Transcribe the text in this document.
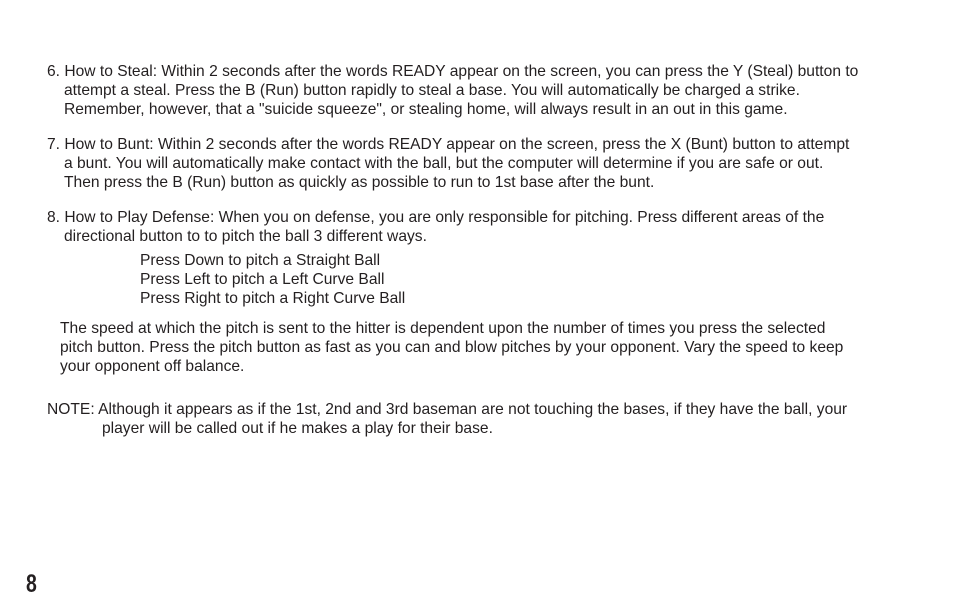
6. How to Steal: Within 2 seconds after the words READY appear on the screen, you can press the Y (Steal) button to
attempt a steal. Press the B (Run) button rapidly to steal a base. You will automatically be charged a strike.
Remember, however, that a "suicide squeeze", or stealing home, will always result in an out in this game.
7. How to Bunt: Within 2 seconds after the words READY appear on the screen, press the X (Bunt) button to attempt
a bunt. You will automatically make contact with the ball, but the computer will determine if you are safe or out.
Then press the B (Run) button as quickly as possible to run to 1st base after the bunt.
8. How to Play Defense: When you on defense, you are only responsible for pitching. Press different areas of the
directional button to to pitch the ball 3 different ways.
Press Down to pitch a Straight Ball
Press Left to pitch a Left Curve Ball
Press Right to pitch a Right Curve Ball
The speed at which the pitch is sent to the hitter is dependent upon the number of times you press the selected
pitch button. Press the pitch button as fast as you can and blow pitches by your opponent. Vary the speed to keep
your opponent off balance.
NOTE: Although it appears as if the 1st, 2nd and 3rd baseman are not touching the bases, if they have the ball, your
player will be called out if he makes a play for their base.
8
